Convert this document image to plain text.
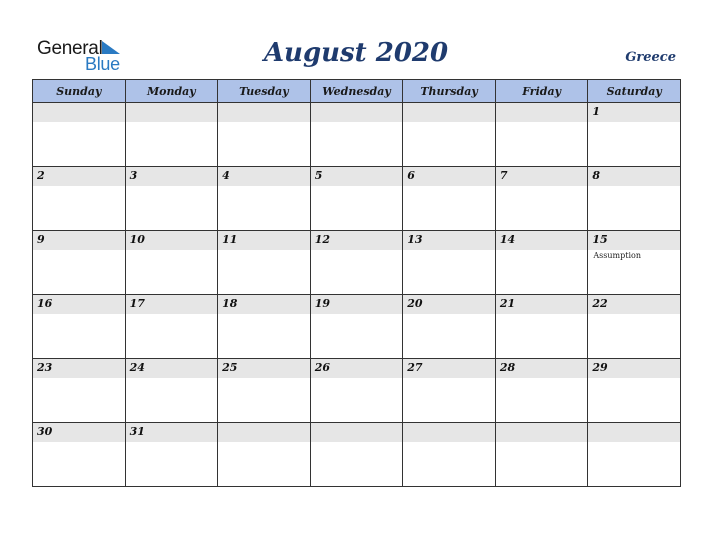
General
Blue	August 2020	Greece
Sunday	Monday	Tuesday	Wednesday	Thursday	Friday	Saturday

						1

2	3	4	5	6	7	8

9	10	11	12	13	14	15
Assumption

16	17	18	19	20	21	22

23	24	25	26	27	28	29

30	31					
